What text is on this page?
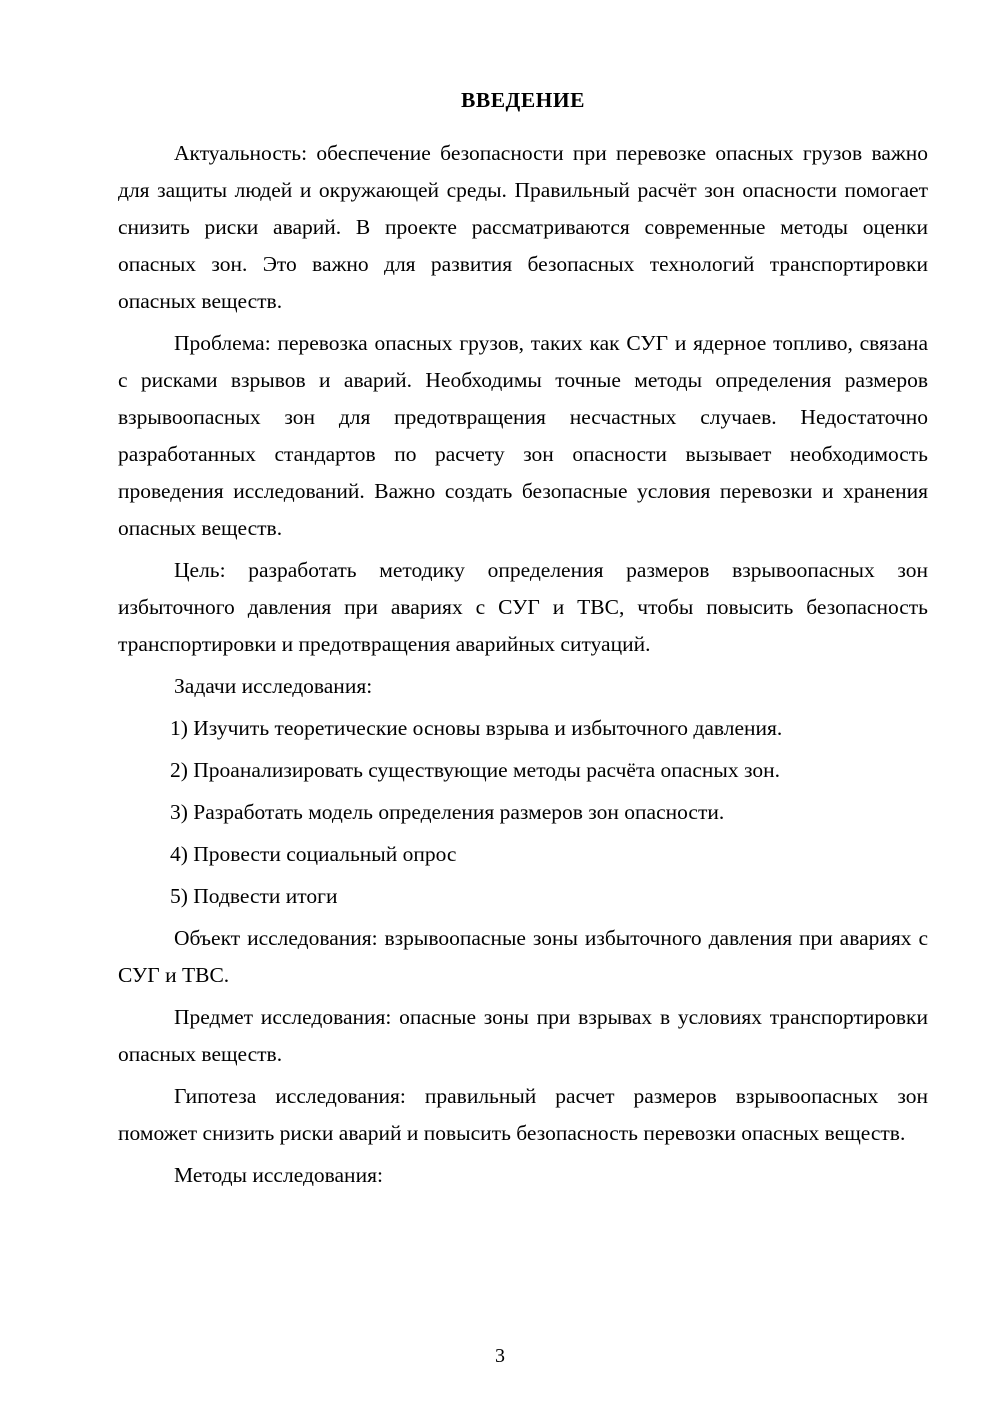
ВВЕДЕНИЕ

Актуальность: обеспечение безопасности при перевозке опасных грузов важно для защиты людей и окружающей среды. Правильный расчёт зон опасности помогает снизить риски аварий. В проекте рассматриваются современные методы оценки опасных зон. Это важно для развития безопасных технологий транспортировки опасных веществ.

Проблема: перевозка опасных грузов, таких как СУГ и ядерное топливо, связана с рисками взрывов и аварий. Необходимы точные методы определения размеров взрывоопасных зон для предотвращения несчастных случаев. Недостаточно разработанных стандартов по расчету зон опасности вызывает необходимость проведения исследований. Важно создать безопасные условия перевозки и хранения опасных веществ.

Цель: разработать методику определения размеров взрывоопасных зон избыточного давления при авариях с СУГ и ТВС, чтобы повысить безопасность транспортировки и предотвращения аварийных ситуаций.

Задачи исследования:

1) Изучить теоретические основы взрыва и избыточного давления.

2) Проанализировать существующие методы расчёта опасных зон.

3) Разработать модель определения размеров зон опасности.

4) Провести социальный опрос

5) Подвести итоги

Объект исследования: взрывоопасные зоны избыточного давления при авариях с СУГ и ТВС.

Предмет исследования: опасные зоны при взрывах в условиях транспортировки опасных веществ.

Гипотеза исследования: правильный расчет размеров взрывоопасных зон поможет снизить риски аварий и повысить безопасность перевозки опасных веществ.

Методы исследования:

3
